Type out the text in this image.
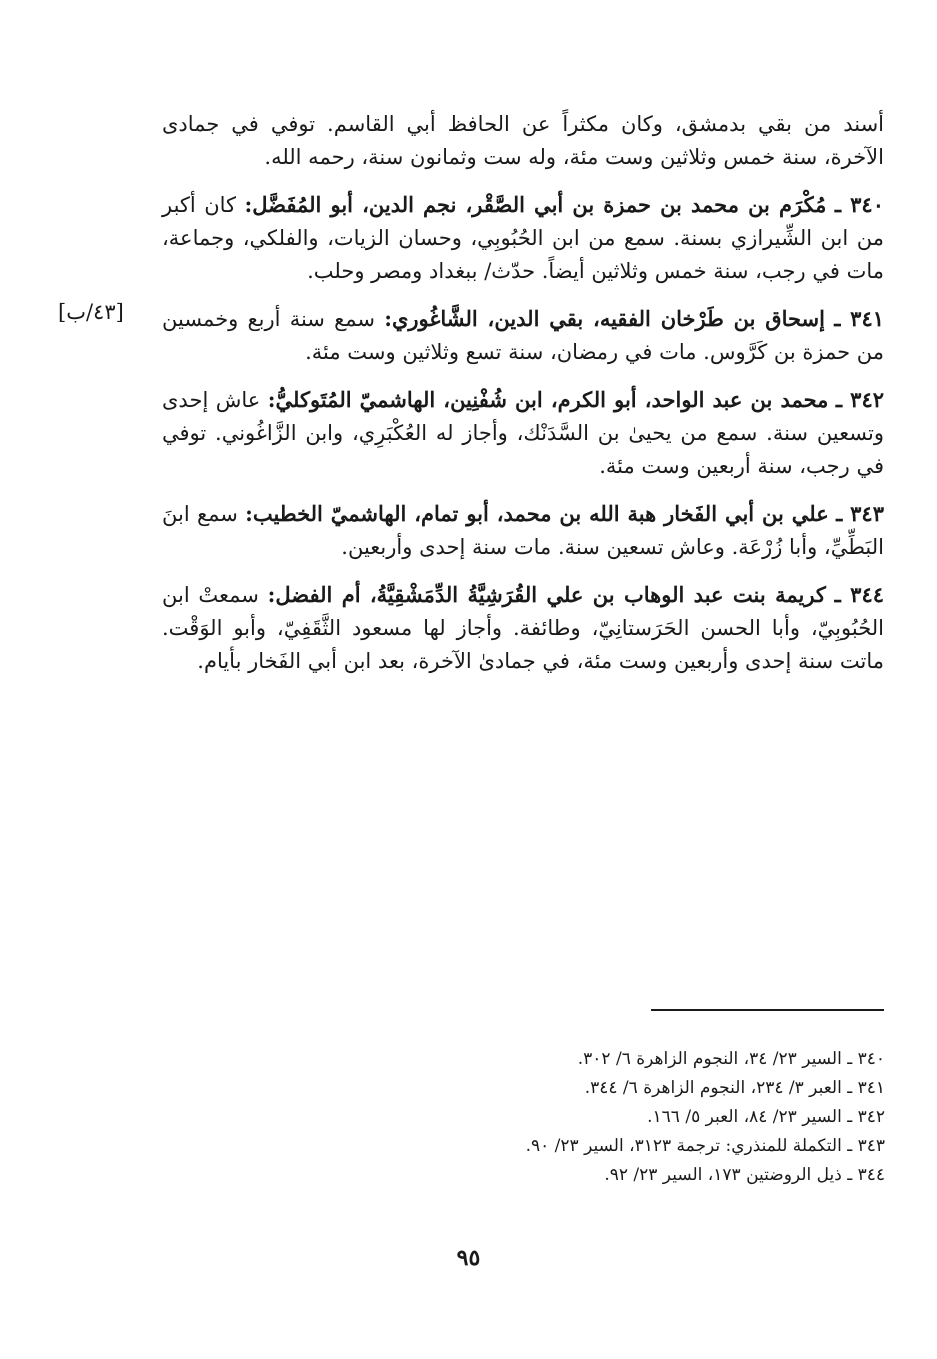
أسند من بقي بدمشق، وكان مكثراً عن الحافظ أبي القاسم. توفي في جمادى الآخرة، سنة خمس وثلاثين وست مئة، وله ست وثمانون سنة، رحمه الله.

٣٤٠ ـ مُكْرَم بن محمد بن حمزة بن أبي الصَّقْر، نجم الدين، أبو المُفَضَّل: كان أكبر من ابن الشِّيرازي بسنة. سمع من ابن الحُبُوبِي، وحسان الزيات، والفلكي، وجماعة، مات في رجب، سنة خمس وثلاثين أيضاً. حدّث/ ببغداد ومصر وحلب.

٣٤١ ـ إسحاق بن طَرْخان الفقيه، بقي الدين، الشَّاغُوري: سمع سنة أربع وخمسين من حمزة بن كَرَّوس. مات في رمضان، سنة تسع وثلاثين وست مئة.

٣٤٢ ـ محمد بن عبد الواحد، أبو الكرم، ابن شُفْنِين، الهاشميّ المُتَوكليُّ: عاش إحدى وتسعين سنة. سمع من يحيىٰ بن السَّدَنْك، وأجاز له العُكْبَرِي، وابن الزَّاغُوني. توفي في رجب، سنة أربعين وست مئة.

٣٤٣ ـ علي بن أبي الفَخار هبة الله بن محمد، أبو تمام، الهاشميّ الخطيب: سمع ابنَ البَطِّيِّ، وأبا زُرْعَة. وعاش تسعين سنة. مات سنة إحدى وأربعين.

٣٤٤ ـ كريمة بنت عبد الوهاب بن علي القُرَشِيَّةُ الدِّمَشْقِيَّةُ، أم الفضل: سمعتْ ابن الحُبُوبِيّ، وأبا الحسن الحَرَستانِيّ، وطائفة. وأجاز لها مسعود الثَّقَفِيّ، وأبو الوَقْت. ماتت سنة إحدى وأربعين وست مئة، في جمادىٰ الآخرة، بعد ابن أبي الفَخار بأيام.

[٤٣/ب]
٣٤٠ ـ السير ٢٣/ ٣٤، النجوم الزاهرة ٦/ ٣٠٢.
٣٤١ ـ العبر ٣/ ٢٣٤، النجوم الزاهرة ٦/ ٣٤٤.
٣٤٢ ـ السير ٢٣/ ٨٤، العبر ٥/ ١٦٦.
٣٤٣ ـ التكملة للمنذري: ترجمة ٣١٢٣، السير ٢٣/ ٩٠.
٣٤٤ ـ ذيل الروضتين ١٧٣، السير ٢٣/ ٩٢.
٩٥
